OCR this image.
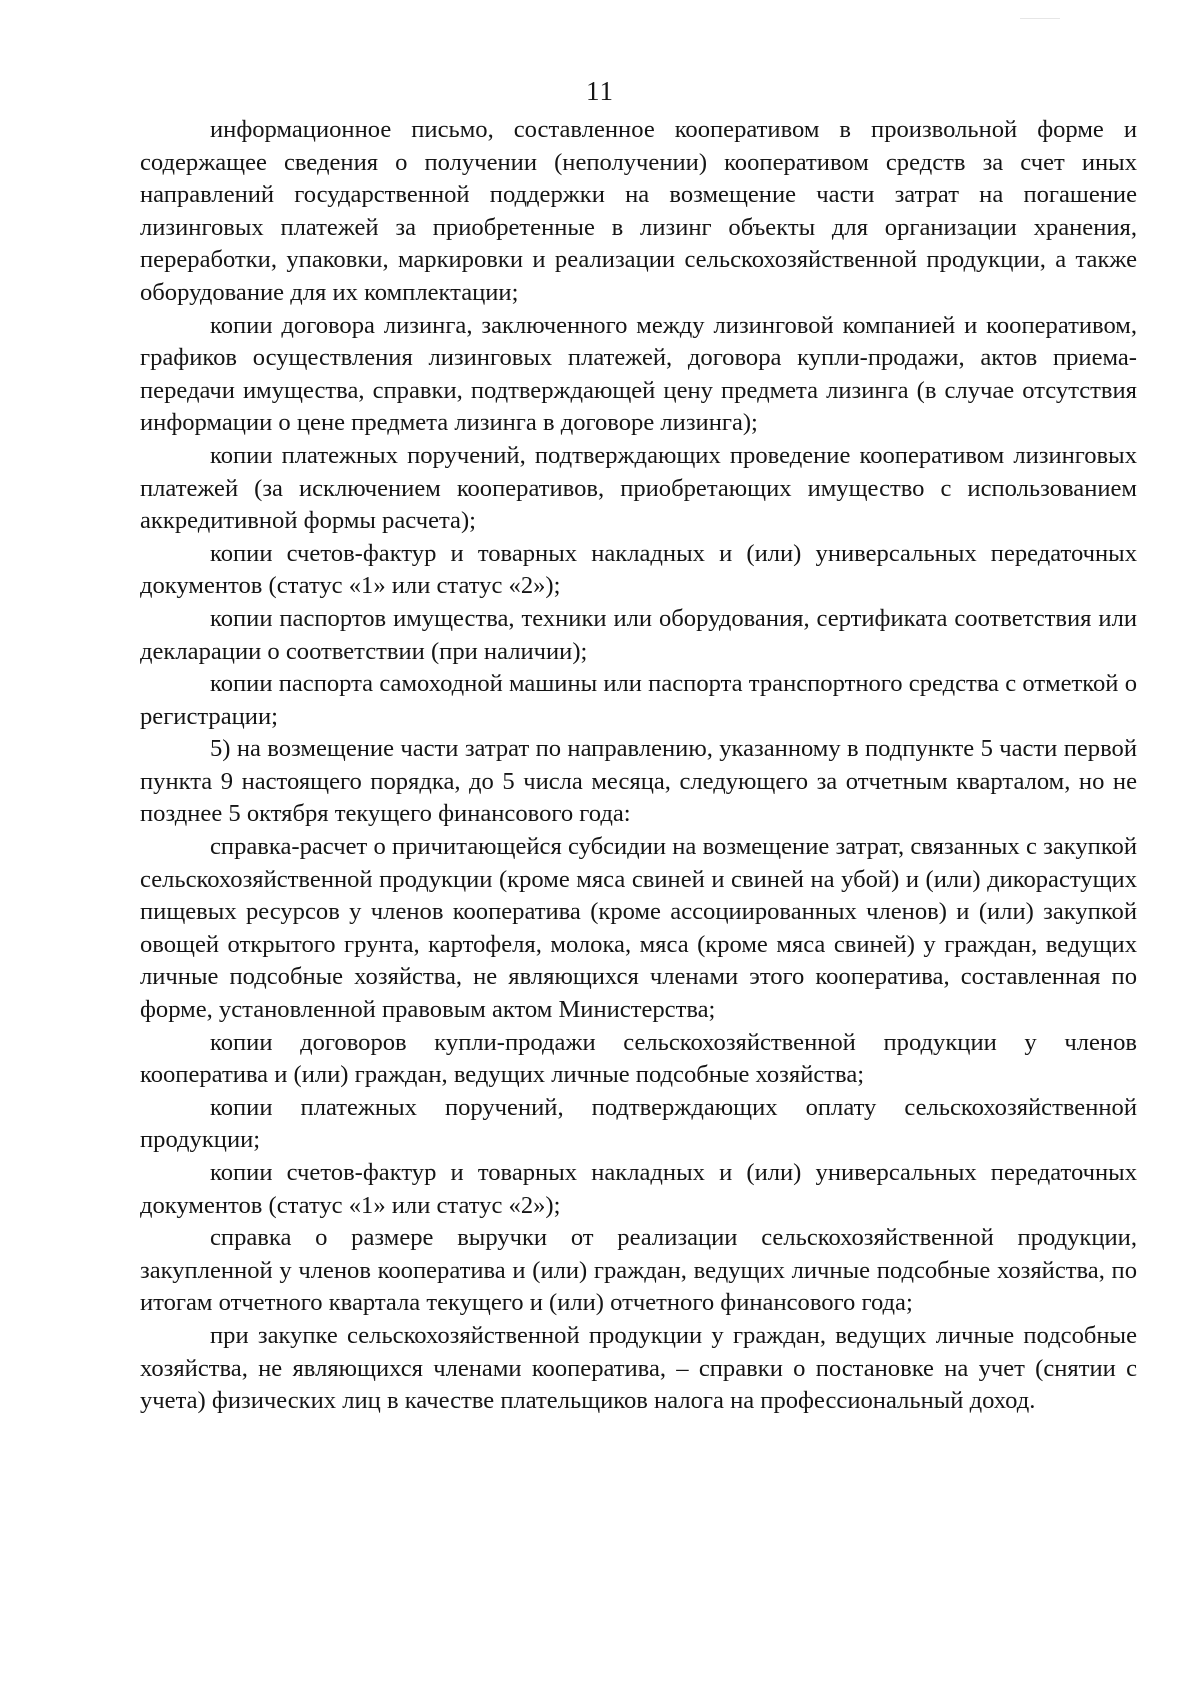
11

информационное письмо, составленное кооперативом в произвольной форме и содержащее сведения о получении (неполучении) кооперативом средств за счет иных направлений государственной поддержки на возмещение части затрат на погашение лизинговых платежей за приобретенные в лизинг объекты для организации хранения, переработки, упаковки, маркировки и реализации сельскохозяйственной продукции, а также оборудование для их комплектации;

копии договора лизинга, заключенного между лизинговой компанией и кооперативом, графиков осуществления лизинговых платежей, договора купли-продажи, актов приема-передачи имущества, справки, подтверждающей цену предмета лизинга (в случае отсутствия информации о цене предмета лизинга в договоре лизинга);

копии платежных поручений, подтверждающих проведение кооперативом лизинговых платежей (за исключением кооперативов, приобретающих имущество с использованием аккредитивной формы расчета);

копии счетов-фактур и товарных накладных и (или) универсальных передаточных документов (статус «1» или статус «2»);

копии паспортов имущества, техники или оборудования, сертификата соответствия или декларации о соответствии (при наличии);

копии паспорта самоходной машины или паспорта транспортного средства с отметкой о регистрации;

5) на возмещение части затрат по направлению, указанному в подпункте 5 части первой пункта 9 настоящего порядка, до 5 числа месяца, следующего за отчетным кварталом, но не позднее 5 октября текущего финансового года:

справка-расчет о причитающейся субсидии на возмещение затрат, связанных с закупкой сельскохозяйственной продукции (кроме мяса свиней и свиней на убой) и (или) дикорастущих пищевых ресурсов у членов кооператива (кроме ассоциированных членов) и (или) закупкой овощей открытого грунта, картофеля, молока, мяса (кроме мяса свиней) у граждан, ведущих личные подсобные хозяйства, не являющихся членами этого кооператива, составленная по форме, установленной правовым актом Министерства;

копии договоров купли-продажи сельскохозяйственной продукции у членов кооператива и (или) граждан, ведущих личные подсобные хозяйства;

копии платежных поручений, подтверждающих оплату сельскохозяйственной продукции;

копии счетов-фактур и товарных накладных и (или) универсальных передаточных документов (статус «1» или статус «2»);

справка о размере выручки от реализации сельскохозяйственной продукции, закупленной у членов кооператива и (или) граждан, ведущих личные подсобные хозяйства, по итогам отчетного квартала текущего и (или) отчетного финансового года;

при закупке сельскохозяйственной продукции у граждан, ведущих личные подсобные хозяйства, не являющихся членами кооператива, – справки о постановке на учет (снятии с учета) физических лиц в качестве плательщиков налога на профессиональный доход.
